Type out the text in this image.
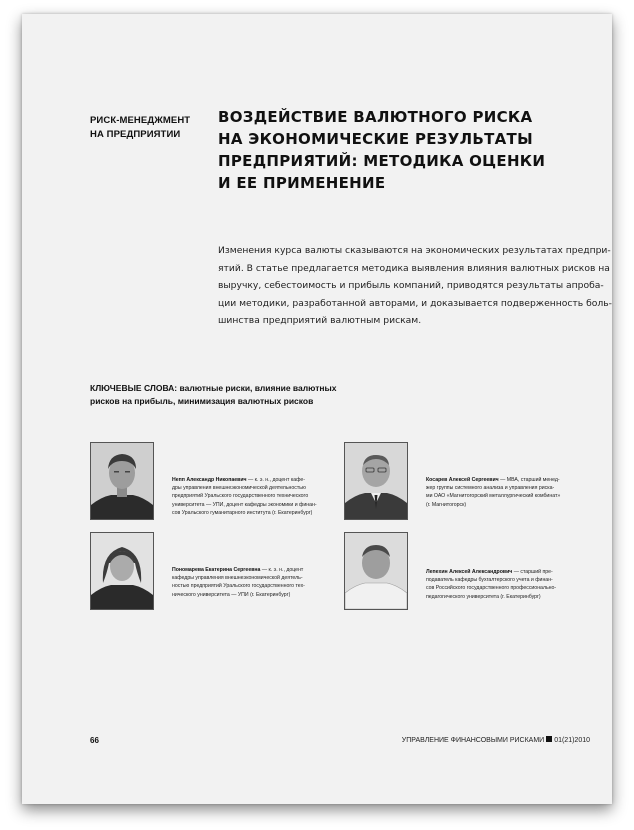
РИСК-МЕНЕДЖМЕНТ
НА ПРЕДПРИЯТИИ
ВОЗДЕЙСТВИЕ ВАЛЮТНОГО РИСКА
НА ЭКОНОМИЧЕСКИЕ РЕЗУЛЬТАТЫ
ПРЕДПРИЯТИЙ: МЕТОДИКА ОЦЕНКИ
И ЕЕ ПРИМЕНЕНИЕ
Изменения курса валюты сказываются на экономических результатах предпри-
ятий. В статье предлагается методика выявления влияния валютных рисков на
выручку, себестоимость и прибыль компаний, приводятся результаты апроба-
ции методики, разработанной авторами, и доказывается подверженность боль-
шинства предприятий валютным рискам.
КЛЮЧЕВЫЕ СЛОВА: валютные риски, влияние валютных
рисков на прибыль, минимизация валютных рисков
Непп Александр Никопаевич — к. э. н., доцент кафе-
дры управления внешнеэкономической деятельностью
предприятий Уральского государственного технического
университета — УПИ, доцент кафедры экономики и финан-
сов Уральского гуманитарного института (г. Екатеринбург)
Косарев Алексей Сергеевич — МВА, старший менед-
жер группы системного анализа и управления риска-
ми ОАО «Магнитогорский металлургический комбинат»
(г. Магнитогорск)
Пономарева Екатерина Сергеевна — к. э. н., доцент
кафедры управления внешнеэкономической деятель-
ностью предприятий Уральского государственного тех-
нического университета — УПИ (г. Екатеринбург)
Лепехин Алексей Александрович — старший пре-
подаватель кафедры бухгалтерского учета и финан-
сов Российского государственного профессионально-
педагогического университета (г. Екатеринбург)
66	УПРАВЛЕНИЕ ФИНАНСОВЫМИ РИСКАМИ 01(21)2010
